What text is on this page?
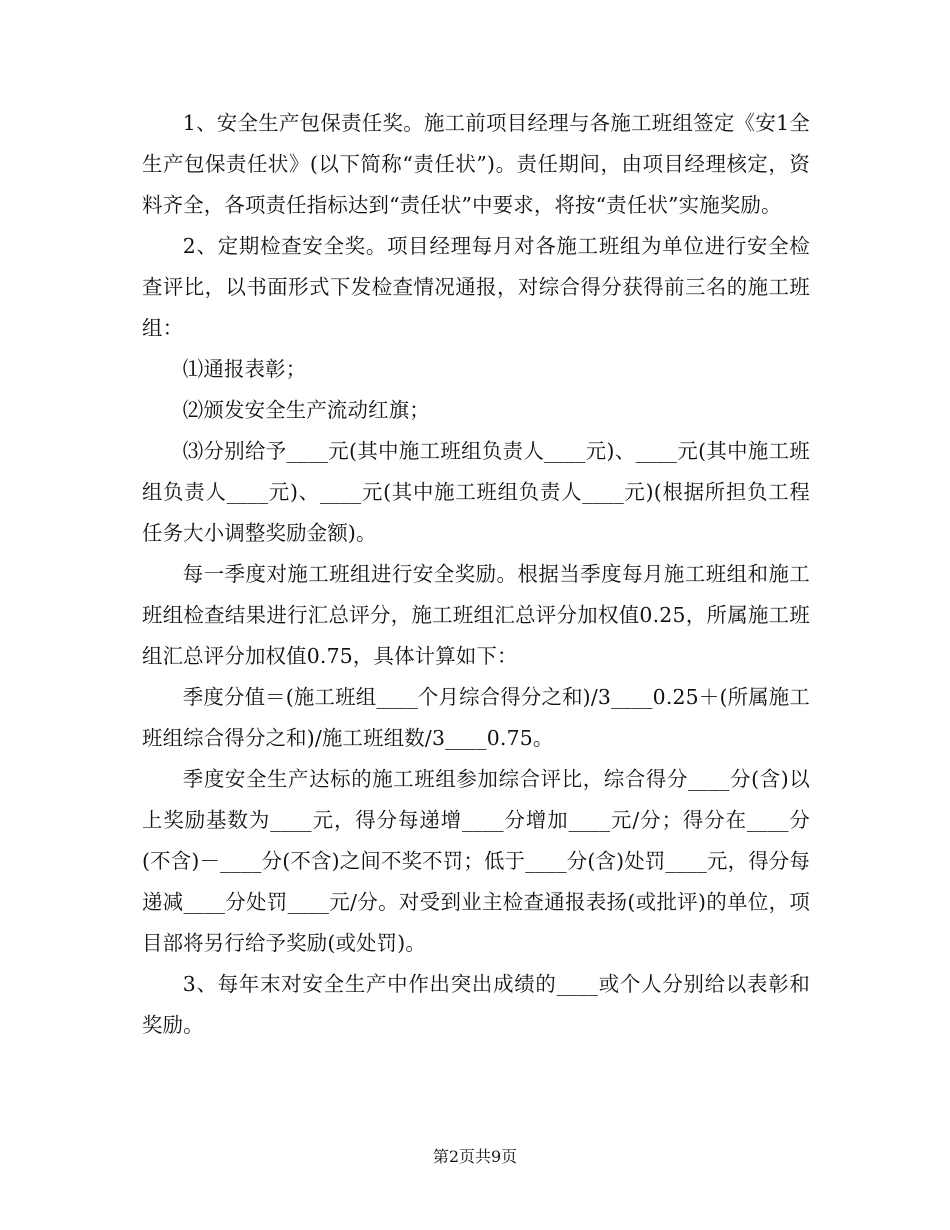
1、安全生产包保责任奖。施工前项目经理与各施工班组签定《安1全生产包保责任状》(以下简称“责任状”)。责任期间，由项目经理核定，资料齐全，各项责任指标达到“责任状”中要求，将按“责任状”实施奖励。

2、定期检查安全奖。项目经理每月对各施工班组为单位进行安全检查评比，以书面形式下发检查情况通报，对综合得分获得前三名的施工班组：

⑴通报表彰；

⑵颁发安全生产流动红旗；

⑶分别给予____元(其中施工班组负责人____元)、____元(其中施工班组负责人____元)、____元(其中施工班组负责人____元)(根据所担负工程任务大小调整奖励金额)。

每一季度对施工班组进行安全奖励。根据当季度每月施工班组和施工班组检查结果进行汇总评分，施工班组汇总评分加权值0.25，所属施工班组汇总评分加权值0.75，具体计算如下：

季度分值＝(施工班组____个月综合得分之和)/3____0.25＋(所属施工班组综合得分之和)/施工班组数/3____0.75。

季度安全生产达标的施工班组参加综合评比，综合得分____分(含)以上奖励基数为____元，得分每递增____分增加____元/分；得分在____分(不含)－____分(不含)之间不奖不罚；低于____分(含)处罚____元，得分每递减____分处罚____元/分。对受到业主检查通报表扬(或批评)的单位，项目部将另行给予奖励(或处罚)。

3、每年末对安全生产中作出突出成绩的____或个人分别给以表彰和奖励。

第2页共9页
